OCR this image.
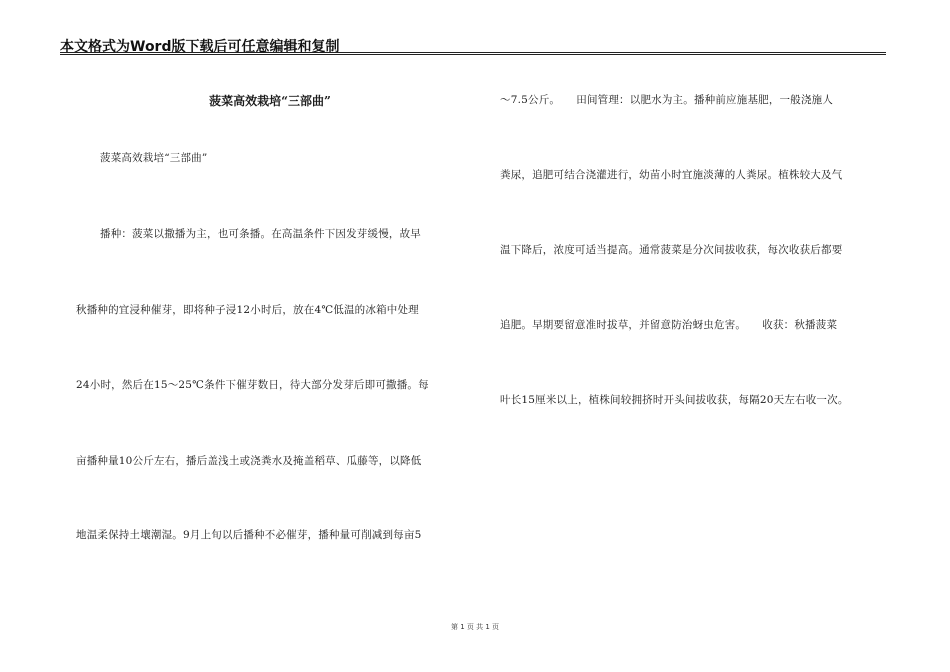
本文格式为Word版下载后可任意编辑和复制
菠菜高效栽培“三部曲”
菠菜高效栽培“三部曲”
播种：菠菜以撒播为主，也可条播。在高温条件下因发芽缓慢，故早
秋播种的宜浸种催芽，即将种子浸12小时后，放在4℃低温的冰箱中处理
24小时，然后在15～25℃条件下催芽数日，待大部分发芽后即可撒播。每
亩播种量10公斤左右，播后盖浅土或浇粪水及掩盖稻草、瓜藤等，以降低
地温柔保持土壤潮湿。9月上旬以后播种不必催芽，播种量可削减到每亩5
～7.5公斤。　　田间管理：以肥水为主。播种前应施基肥，一般浇施人
粪尿，追肥可结合浇灌进行，幼苗小时宜施淡薄的人粪尿。植株较大及气
温下降后，浓度可适当提高。通常菠菜是分次间拔收获，每次收获后都要
追肥。早期要留意准时拔草，并留意防治蚜虫危害。　　收获：秋播菠菜
叶长15厘米以上，植株间较拥挤时开头间拔收获，每隔20天左右收一次。
第 1 页 共 1 页
